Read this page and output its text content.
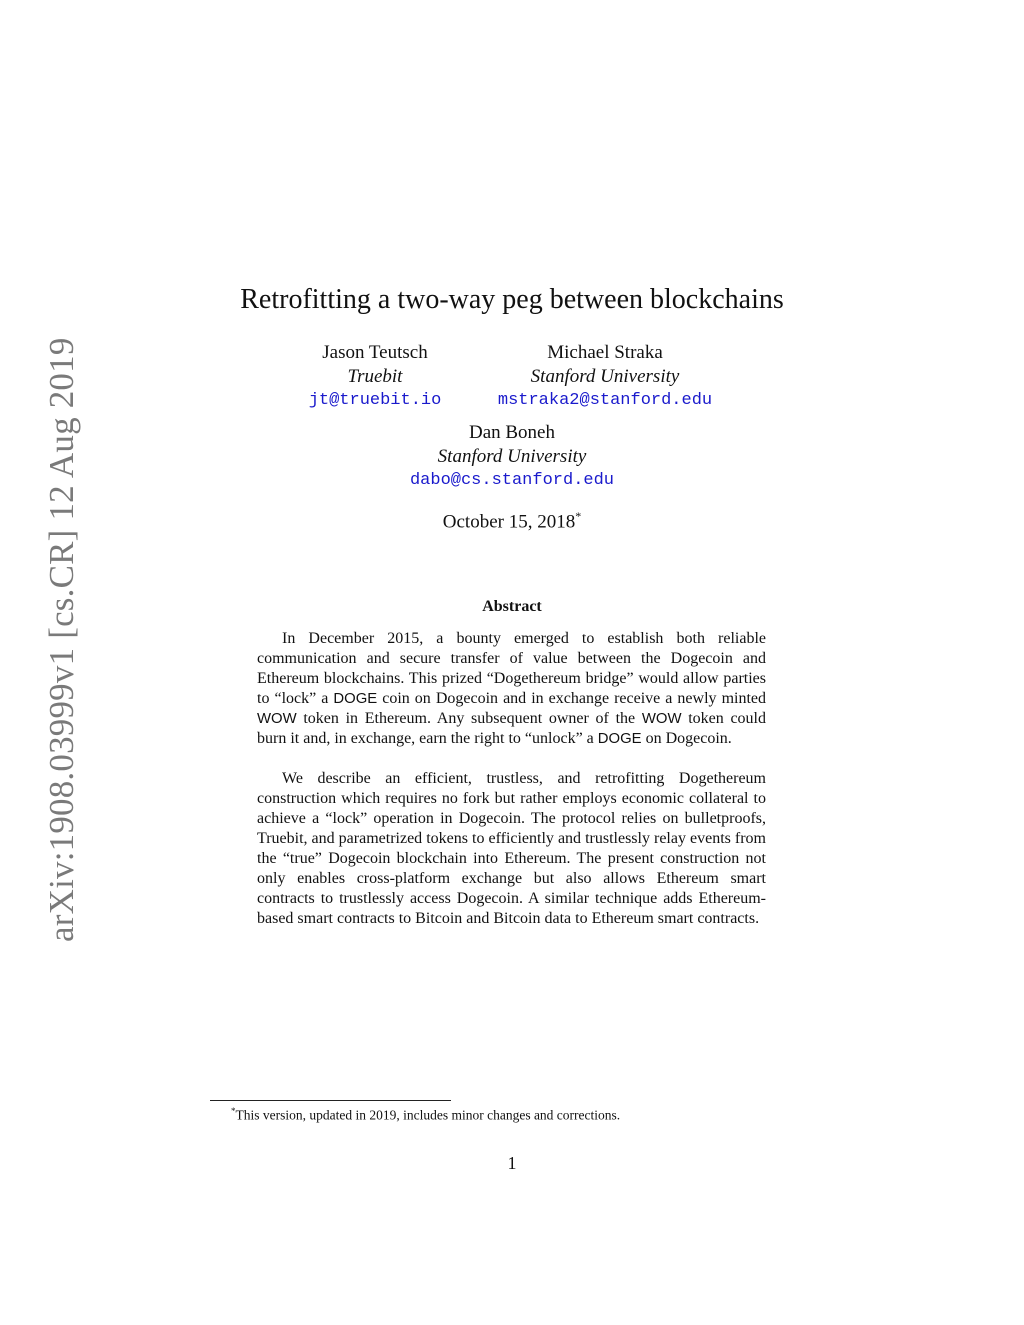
arXiv:1908.03999v1 [cs.CR] 12 Aug 2019
Retrofitting a two-way peg between blockchains
Jason Teutsch
Truebit
jt@truebit.io
Michael Straka
Stanford University
mstraka2@stanford.edu
Dan Boneh
Stanford University
dabo@cs.stanford.edu
October 15, 2018*
Abstract

In December 2015, a bounty emerged to establish both reliable communication and secure transfer of value between the Dogecoin and Ethereum blockchains. This prized “Dogethereum bridge” would allow parties to “lock” a DOGE coin on Dogecoin and in exchange receive a newly minted WOW token in Ethereum. Any subsequent owner of the WOW token could burn it and, in exchange, earn the right to “unlock” a DOGE on Dogecoin.

We describe an efficient, trustless, and retrofitting Dogethereum construction which requires no fork but rather employs economic collateral to achieve a “lock” operation in Dogecoin. The protocol relies on bulletproofs, Truebit, and parametrized tokens to efficiently and trustlessly relay events from the “true” Dogecoin blockchain into Ethereum. The present construction not only enables cross-platform exchange but also allows Ethereum smart contracts to trustlessly access Dogecoin. A similar technique adds Ethereum-based smart contracts to Bitcoin and Bitcoin data to Ethereum smart contracts.

*This version, updated in 2019, includes minor changes and corrections.
1
